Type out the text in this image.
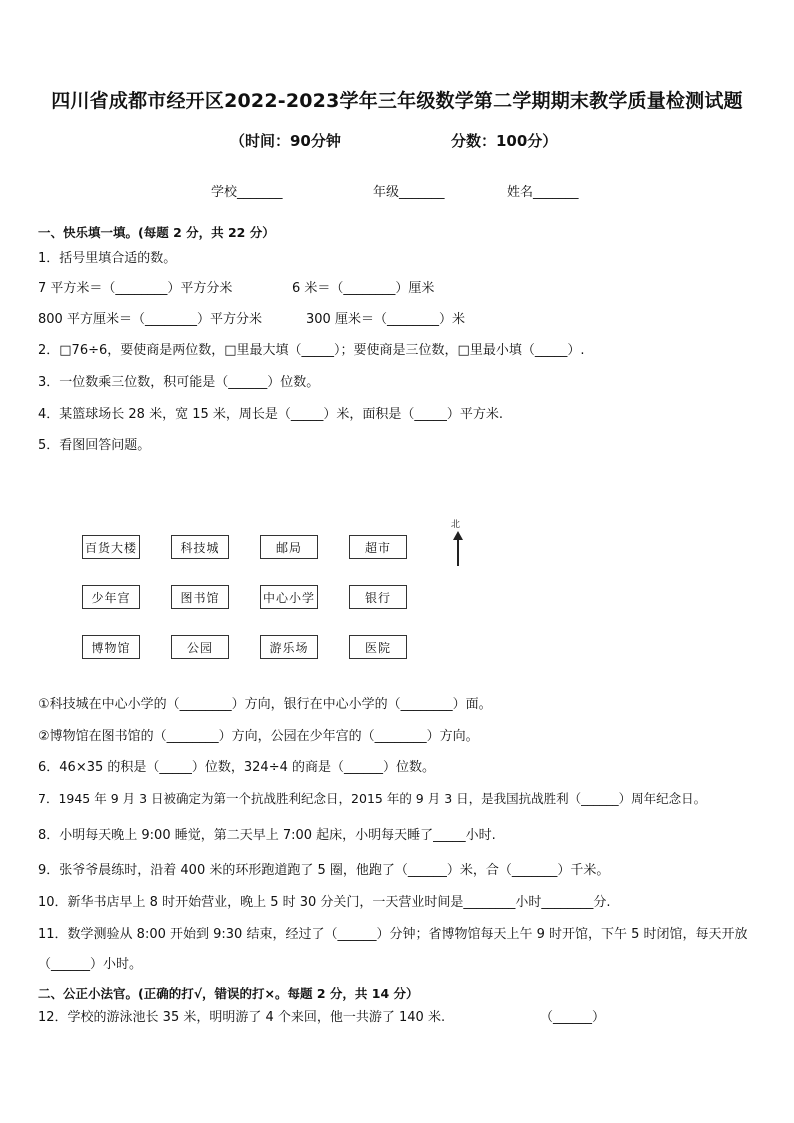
四川省成都市经开区2022-2023学年三年级数学第二学期期末教学质量检测试题
（时间：90分钟	分数：100分）
学校_______	年级_______	姓名_______
一、快乐填一填。(每题 2 分，共 22 分）
1．括号里填合适的数。
7 平方米＝（________）平方分米	6 米＝（________）厘米
800 平方厘米＝（________）平方分米	300 厘米＝（________）米
2．□76÷6，要使商是两位数，□里最大填（_____）；要使商是三位数，□里最小填（_____）.
3．一位数乘三位数，积可能是（______）位数。
4．某篮球场长 28 米，宽 15 米，周长是（_____）米，面积是（_____）平方米.
5．看图回答问题。
北
百货大楼	科技城	邮局	超市
少年宫	图书馆	中心小学	银行
博物馆	公园	游乐场	医院
①科技城在中心小学的（________）方向，银行在中心小学的（________）面。
②博物馆在图书馆的（________）方向，公园在少年宫的（________）方向。
6．46×35 的积是（_____）位数，324÷4 的商是（______）位数。
7．1945 年 9 月 3 日被确定为第一个抗战胜利纪念日，2015 年的 9 月 3 日，是我国抗战胜利（______）周年纪念日。
8．小明每天晚上 9:00 睡觉，第二天早上 7:00 起床，小明每天睡了_____小时.
9．张爷爷晨练时，沿着 400 米的环形跑道跑了 5 圈，他跑了（______）米，合（_______）千米。
10．新华书店早上 8 时开始营业，晚上 5 时 30 分关门，一天营业时间是________小时________分.
11．数学测验从 8:00 开始到 9:30 结束，经过了（______）分钟；省博物馆每天上午 9 时开馆，下午 5 时闭馆，每天开放（______）小时。
二、公正小法官。(正确的打√，错误的打×。每题 2 分，共 14 分）
12．学校的游泳池长 35 米，明明游了 4 个来回，他一共游了 140 米.	（______）
